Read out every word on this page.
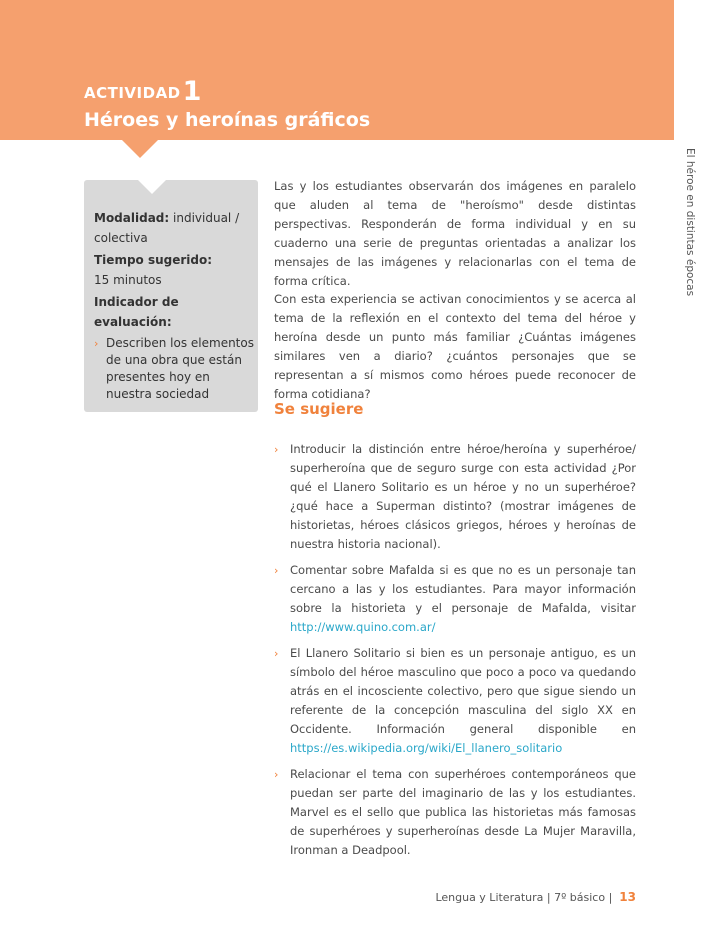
ACTIVIDAD1
Héroes y heroínas gráficos	Experiencias
de aprendizaje
El héroe en distintas épocas

Modalidad: individual / colectiva

Tiempo sugerido:
15 minutos

Indicador de evaluación:

› Describen los elementos de una obra que están presentes hoy en nuestra sociedad
Las y los estudiantes observarán dos imágenes en paralelo que aluden al tema de "heroísmo" desde distintas perspectivas. Responderán de forma individual y en su cuaderno una serie de preguntas orientadas a analizar los mensajes de las imágenes y relacionarlas con el tema de forma crítica.
Con esta experiencia se activan conocimientos y se acerca al tema de la reflexión en el contexto del tema del héroe y heroína desde un punto más familiar ¿Cuántas imágenes similares ven a diario? ¿cuántos personajes que se representan a sí mismos como héroes puede reconocer de forma cotidiana?
Se sugiere
› Introducir la distinción entre héroe/heroína y superhéroe/ superheroína que de seguro surge con esta actividad ¿Por qué el Llanero Solitario es un héroe y no un superhéroe? ¿qué hace a Superman distinto? (mostrar imágenes de historietas, héroes clásicos griegos, héroes y heroínas de nuestra historia nacional).
› Comentar sobre Mafalda si es que no es un personaje tan cercano a las y los estudiantes. Para mayor información sobre la historieta y el personaje de Mafalda, visitar http://www.quino.com.ar/
› El Llanero Solitario si bien es un personaje antiguo, es un símbolo del héroe masculino que poco a poco va quedando atrás en el incosciente colectivo, pero que sigue siendo un referente de la concepción masculina del siglo XX en Occidente. Información general disponible en https://es.wikipedia.org/wiki/El_llanero_solitario
› Relacionar el tema con superhéroes contemporáneos que puedan ser parte del imaginario de las y los estudiantes. Marvel es el sello que publica las historietas más famosas de superhéroes y superheroínas desde La Mujer Maravilla, Ironman a Deadpool.
Lengua y Literatura | 7º básico | 13
